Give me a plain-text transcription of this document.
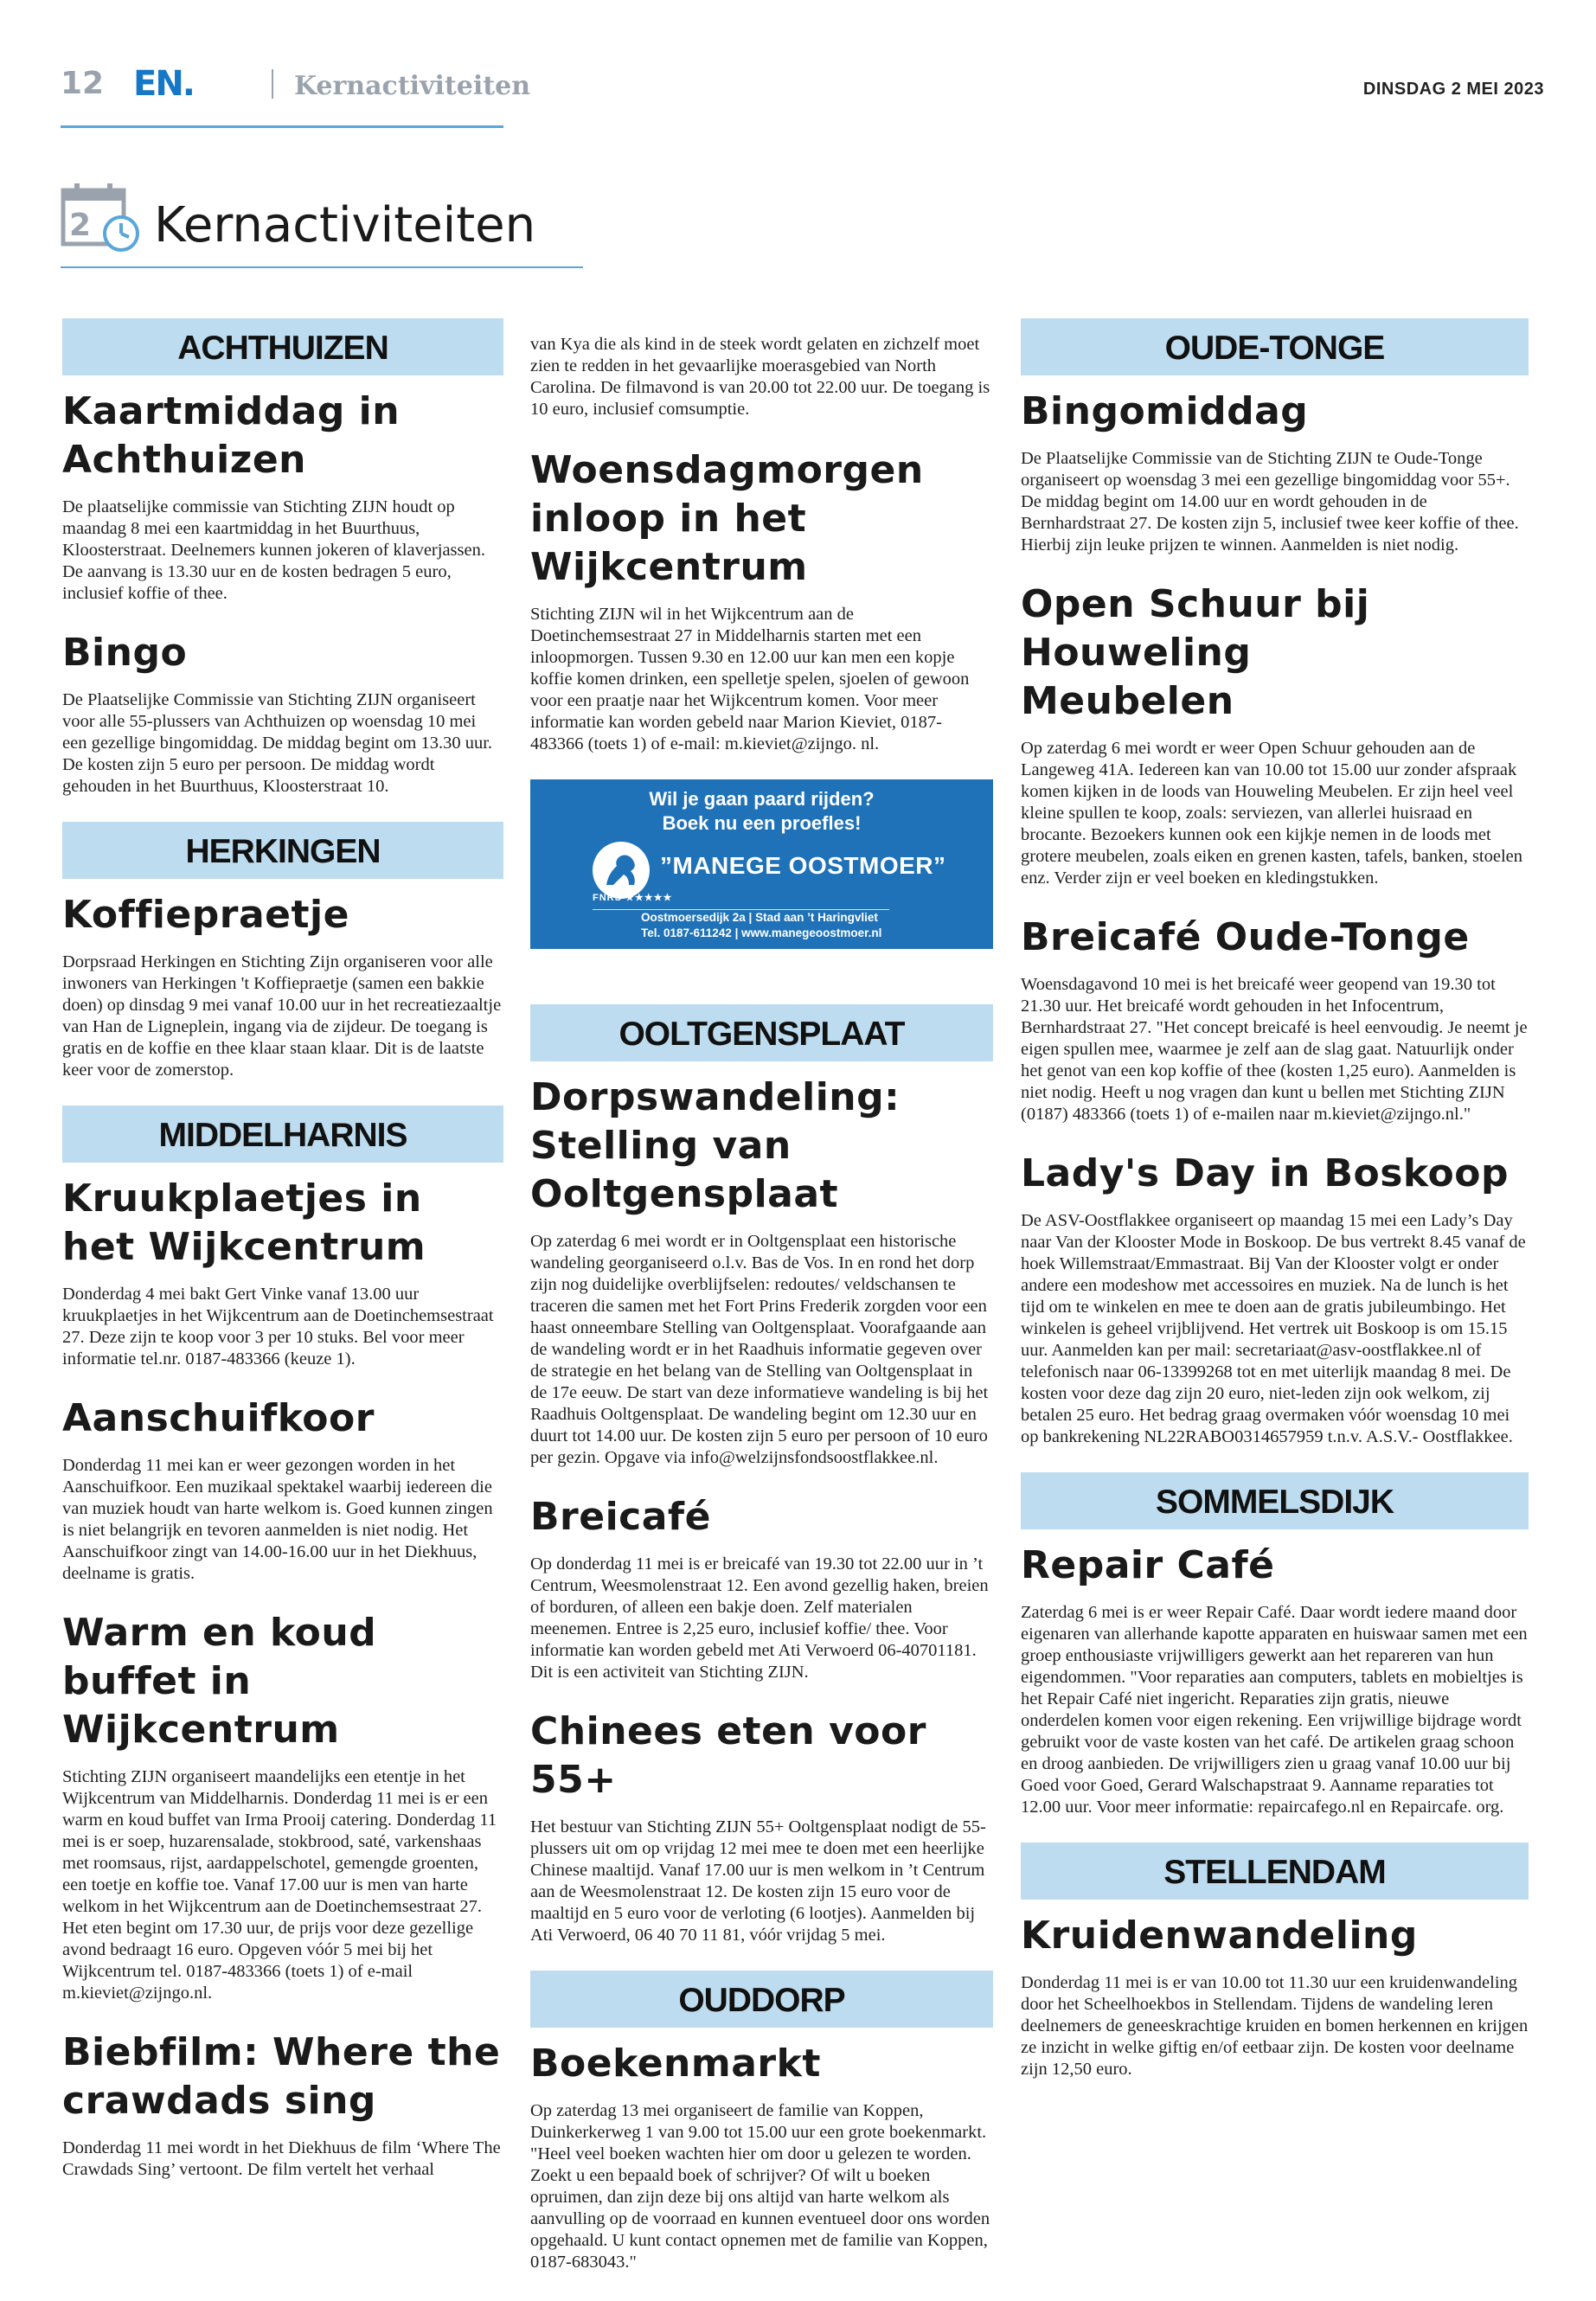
12 EN.	Kernactiviteiten	DINSDAG 2 MEI 2023
2 Kernactiviteiten
ACHTHUIZEN
Kaartmiddag in Achthuizen

De plaatselijke commissie van Stichting ZIJN houdt op maandag 8 mei een kaartmiddag in het Buurthuus, Kloosterstraat. Deelnemers kunnen jokeren of klaverjassen. De aanvang is 13.30 uur en de kosten bedragen 5 euro, inclusief koffie of thee.

Bingo

De Plaatselijke Commissie van Stichting ZIJN organiseert voor alle 55-plussers van Achthuizen op woensdag 10 mei een gezellige bingomiddag. De middag begint om 13.30 uur. De kosten zijn 5 euro per persoon. De middag wordt gehouden in het Buurthuus, Kloosterstraat 10.

HERKINGEN
Koffiepraetje

Dorpsraad Herkingen en Stichting Zijn organiseren voor alle inwoners van Herkingen 't Koffiepraetje (samen een bakkie doen) op dinsdag 9 mei vanaf 10.00 uur in het recreatiezaaltje van Han de Ligneplein, ingang via de zijdeur. De toegang is gratis en de koffie en thee klaar staan klaar. Dit is de laatste keer voor de zomerstop.

MIDDELHARNIS
Kruukplaetjes in het Wijkcentrum

Donderdag 4 mei bakt Gert Vinke vanaf 13.00 uur kruukplaetjes in het Wijkcentrum aan de Doetinchemsestraat 27. Deze zijn te koop voor 3 per 10 stuks. Bel voor meer informatie tel.nr. 0187-483366 (keuze 1).

Aanschuifkoor

Donderdag 11 mei kan er weer gezongen worden in het Aanschuifkoor. Een muzikaal spektakel waarbij iedereen die van muziek houdt van harte welkom is. Goed kunnen zingen is niet belangrijk en tevoren aanmelden is niet nodig. Het Aanschuifkoor zingt van 14.00-16.00 uur in het Diekhuus, deelname is gratis.

Warm en koud buffet in Wijkcentrum

Stichting ZIJN organiseert maandelijks een etentje in het Wijkcentrum van Middelharnis. Donderdag 11 mei is er een warm en koud buffet van Irma Prooij catering. Donderdag 11 mei is er soep, huzarensalade, stokbrood, saté, varkenshaas met roomsaus, rijst, aardappelschotel, gemengde groenten, een toetje en koffie toe. Vanaf 17.00 uur is men van harte welkom in het Wijkcentrum aan de Doetinchemsestraat 27. Het eten begint om 17.30 uur, de prijs voor deze gezellige avond bedraagt 16 euro. Opgeven vóór 5 mei bij het Wijkcentrum tel. 0187-483366 (toets 1) of e-mail m.kieviet@zijngo.nl.

Biebfilm: Where the crawdads sing

Donderdag 11 mei wordt in het Diekhuus de film ‘Where The Crawdads Sing’ vertoont. De film vertelt het verhaal

van Kya die als kind in de steek wordt gelaten en zichzelf moet zien te redden in het gevaarlijke moerasgebied van North Carolina. De filmavond is van 20.00 tot 22.00 uur. De toegang is 10 euro, inclusief comsumptie.

Woensdagmorgen inloop in het Wijkcentrum

Stichting ZIJN wil in het Wijkcentrum aan de Doetinchemsestraat 27 in Middelharnis starten met een inloopmorgen. Tussen 9.30 en 12.00 uur kan men een kopje koffie komen drinken, een spelletje spelen, sjoelen of gewoon voor een praatje naar het Wijkcentrum komen. Voor meer informatie kan worden gebeld naar Marion Kieviet, 0187-483366 (toets 1) of e-mail: m.kieviet@zijngo. nl.

Wil je gaan paard rijden?
Boek nu een proefles!
”MANEGE OOSTMOER”
FNRS ★★★★★
Oostmoersedijk 2a | Stad aan ’t Haringvliet
Tel. 0187-611242 | www.manegeoostmoer.nl
OOLTGENSPLAAT
Dorpswandeling: Stelling van Ooltgensplaat

Op zaterdag 6 mei wordt er in Ooltgensplaat een historische wandeling georganiseerd o.l.v. Bas de Vos. In en rond het dorp zijn nog duidelijke overblijfselen: redoutes/ veldschansen te traceren die samen met het Fort Prins Frederik zorgden voor een haast onneembare Stelling van Ooltgensplaat. Voorafgaande aan de wandeling wordt er in het Raadhuis informatie gegeven over de strategie en het belang van de Stelling van Ooltgensplaat in de 17e eeuw. De start van deze informatieve wandeling is bij het Raadhuis Ooltgensplaat. De wandeling begint om 12.30 uur en duurt tot 14.00 uur. De kosten zijn 5 euro per persoon of 10 euro per gezin. Opgave via info@welzijnsfondsoostflakkee.nl.

Breicafé

Op donderdag 11 mei is er breicafé van 19.30 tot 22.00 uur in ’t Centrum, Weesmolenstraat 12. Een avond gezellig haken, breien of borduren, of alleen een bakje doen. Zelf materialen meenemen. Entree is 2,25 euro, inclusief koffie/ thee. Voor informatie kan worden gebeld met Ati Verwoerd 06-40701181. Dit is een activiteit van Stichting ZIJN.

Chinees eten voor 55+

Het bestuur van Stichting ZIJN 55+ Ooltgensplaat nodigt de 55-plussers uit om op vrijdag 12 mei mee te doen met een heerlijke Chinese maaltijd. Vanaf 17.00 uur is men welkom in ’t Centrum aan de Weesmolenstraat 12. De kosten zijn 15 euro voor de maaltijd en 5 euro voor de verloting (6 lootjes). Aanmelden bij Ati Verwoerd, 06 40 70 11 81, vóór vrijdag 5 mei.

OUDDORP
Boekenmarkt

Op zaterdag 13 mei organiseert de familie van Koppen, Duinkerkerweg 1 van 9.00 tot 15.00 uur een grote boekenmarkt. "Heel veel boeken wachten hier om door u gelezen te worden. Zoekt u een bepaald boek of schrijver? Of wilt u boeken opruimen, dan zijn deze bij ons altijd van harte welkom als aanvulling op de voorraad en kunnen eventueel door ons worden opgehaald. U kunt contact opnemen met de familie van Koppen, 0187-683043."

OUDE-TONGE
Bingomiddag

De Plaatselijke Commissie van de Stichting ZIJN te Oude-Tonge organiseert op woensdag 3 mei een gezellige bingomiddag voor 55+. De middag begint om 14.00 uur en wordt gehouden in de Bernhardstraat 27. De kosten zijn 5, inclusief twee keer koffie of thee. Hierbij zijn leuke prijzen te winnen. Aanmelden is niet nodig.

Open Schuur bij Houweling Meubelen

Op zaterdag 6 mei wordt er weer Open Schuur gehouden aan de Langeweg 41A. Iedereen kan van 10.00 tot 15.00 uur zonder afspraak komen kijken in de loods van Houweling Meubelen. Er zijn heel veel kleine spullen te koop, zoals: serviezen, van allerlei huisraad en brocante. Bezoekers kunnen ook een kijkje nemen in de loods met grotere meubelen, zoals eiken en grenen kasten, tafels, banken, stoelen enz. Verder zijn er veel boeken en kledingstukken.

Breicafé Oude-Tonge

Woensdagavond 10 mei is het breicafé weer geopend van 19.30 tot 21.30 uur. Het breicafé wordt gehouden in het Infocentrum, Bernhardstraat 27. "Het concept breicafé is heel eenvoudig. Je neemt je eigen spullen mee, waarmee je zelf aan de slag gaat. Natuurlijk onder het genot van een kop koffie of thee (kosten 1,25 euro). Aanmelden is niet nodig. Heeft u nog vragen dan kunt u bellen met Stichting ZIJN (0187) 483366 (toets 1) of e-mailen naar m.kieviet@zijngo.nl."

Lady's Day in Boskoop

De ASV-Oostflakkee organiseert op maandag 15 mei een Lady’s Day naar Van der Klooster Mode in Boskoop. De bus vertrekt 8.45 vanaf de hoek Willemstraat/Emmastraat. Bij Van der Klooster volgt er onder andere een modeshow met accessoires en muziek. Na de lunch is het tijd om te winkelen en mee te doen aan de gratis jubileumbingo. Het winkelen is geheel vrijblijvend. Het vertrek uit Boskoop is om 15.15 uur. Aanmelden kan per mail: secretariaat@asv-oostflakkee.nl of telefonisch naar 06-13399268 tot en met uiterlijk maandag 8 mei. De kosten voor deze dag zijn 20 euro, niet-leden zijn ook welkom, zij betalen 25 euro. Het bedrag graag overmaken vóór woensdag 10 mei op bankrekening NL22RABO0314657959 t.n.v. A.S.V.- Oostflakkee.

SOMMELSDIJK
Repair Café

Zaterdag 6 mei is er weer Repair Café. Daar wordt iedere maand door eigenaren van allerhande kapotte apparaten en huiswaar samen met een groep enthousiaste vrijwilligers gewerkt aan het repareren van hun eigendommen. "Voor reparaties aan computers, tablets en mobieltjes is het Repair Café niet ingericht. Reparaties zijn gratis, nieuwe onderdelen komen voor eigen rekening. Een vrijwillige bijdrage wordt gebruikt voor de vaste kosten van het café. De artikelen graag schoon en droog aanbieden. De vrijwilligers zien u graag vanaf 10.00 uur bij Goed voor Goed, Gerard Walschapstraat 9. Aanname reparaties tot 12.00 uur. Voor meer informatie: repaircafego.nl en Repaircafe. org.

STELLENDAM
Kruidenwandeling

Donderdag 11 mei is er van 10.00 tot 11.30 uur een kruidenwandeling door het Scheelhoekbos in Stellendam. Tijdens de wandeling leren deelnemers de geneeskrachtige kruiden en bomen herkennen en krijgen ze inzicht in welke giftig en/of eetbaar zijn. De kosten voor deelname zijn 12,50 euro.
